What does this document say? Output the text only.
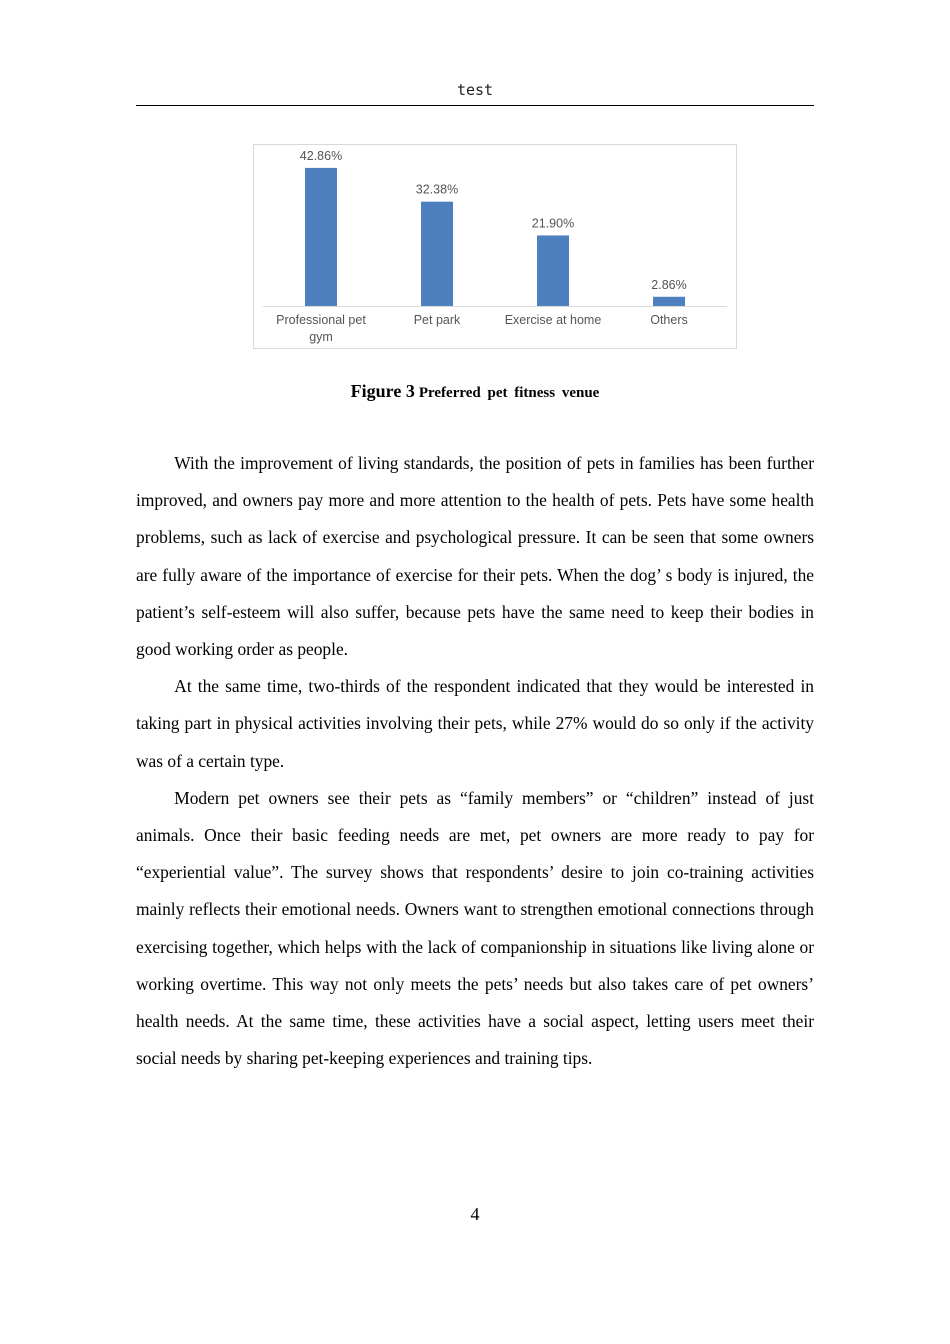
test
42.86%
Professional pet gym
32.38%
Pet park
21.90%
Exercise at home
2.86%
Others
Figure 3 Preferred pet fitness venue

With the improvement of living standards, the position of pets in families has been further improved, and owners pay more and more attention to the health of pets. Pets have some health problems, such as lack of exercise and psychological pressure. It can be seen that some owners are fully aware of the importance of exercise for their pets. When the dog’ s body is injured, the patient’s self-esteem will also suffer, because pets have the same need to keep their bodies in good working order as people.

At the same time, two-thirds of the respondent indicated that they would be interested in taking part in physical activities involving their pets, while 27% would do so only if the activity was of a certain type.

Modern pet owners see their pets as “family members” or “children” instead of just animals. Once their basic feeding needs are met, pet owners are more ready to pay for “experiential value”. The survey shows that respondents’ desire to join co-training activities mainly reflects their emotional needs. Owners want to strengthen emotional connections through exercising together, which helps with the lack of companionship in situations like living alone or working overtime. This way not only meets the pets’ needs but also takes care of pet owners’ health needs. At the same time, these activities have a social aspect, letting users meet their social needs by sharing pet-keeping experiences and training tips.

4
